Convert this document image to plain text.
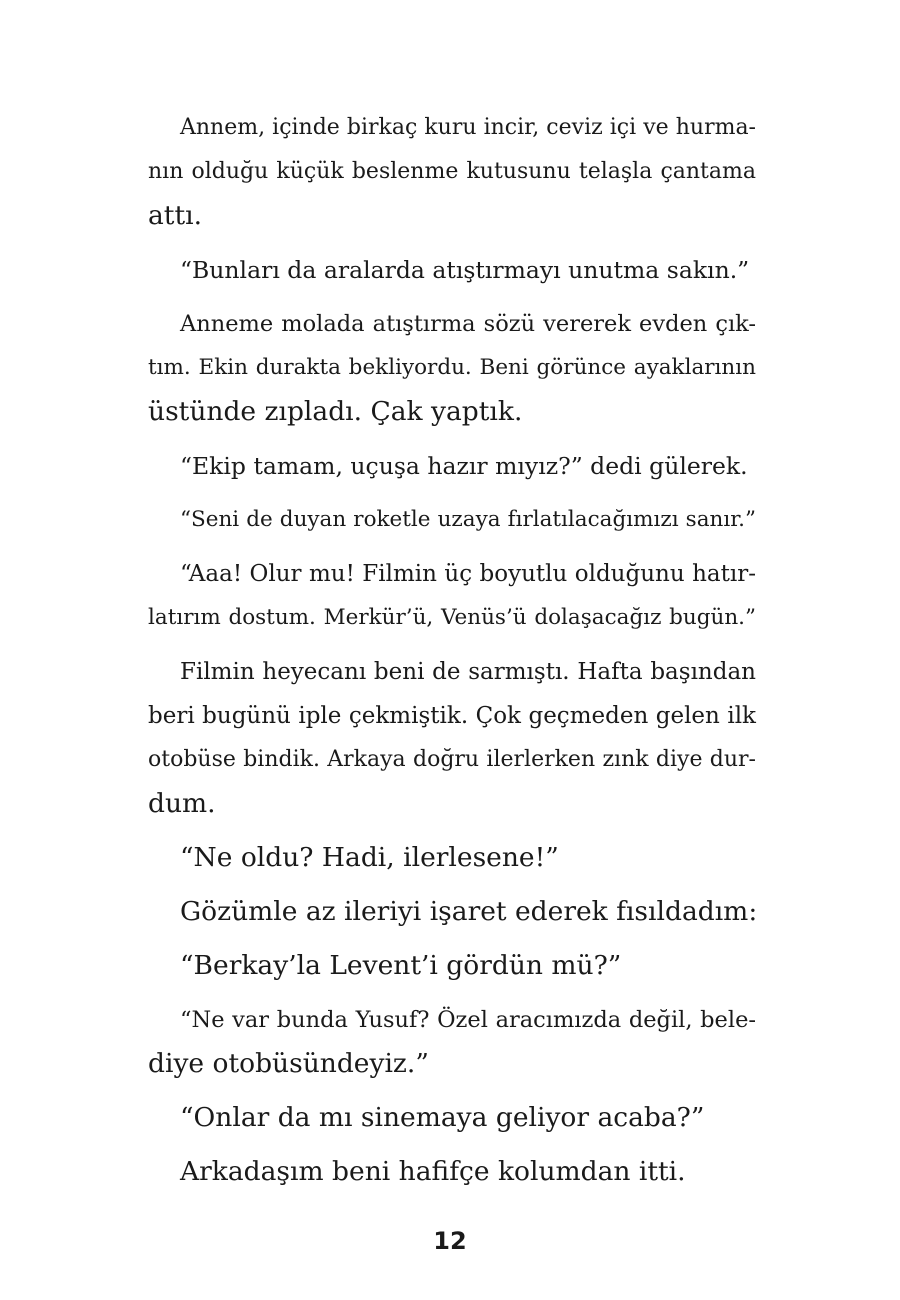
Annem, içinde birkaç kuru incir, ceviz içi ve hurma-
nın olduğu küçük beslenme kutusunu telaşla çantama
attı.
“Bunları da aralarda atıştırmayı unutma sakın.”
Anneme molada atıştırma sözü vererek evden çık-
tım. Ekin durakta bekliyordu. Beni görünce ayaklarının
üstünde zıpladı. Çak yaptık.
“Ekip tamam, uçuşa hazır mıyız?” dedi gülerek.
“Seni de duyan roketle uzaya fırlatılacağımızı sanır.”
“Aaa! Olur mu! Filmin üç boyutlu olduğunu hatır-
latırım dostum. Merkür’ü, Venüs’ü dolaşacağız bugün.”
Filmin heyecanı beni de sarmıştı. Hafta başından
beri bugünü iple çekmiştik. Çok geçmeden gelen ilk
otobüse bindik. Arkaya doğru ilerlerken zınk diye dur-
dum.
“Ne oldu? Hadi, ilerlesene!”
Gözümle az ileriyi işaret ederek fısıldadım:
“Berkay’la Levent’i gördün mü?”
“Ne var bunda Yusuf? Özel aracımızda değil, bele-
diye otobüsündeyiz.”
“Onlar da mı sinemaya geliyor acaba?”
Arkadaşım beni hafifçe kolumdan itti.
12
